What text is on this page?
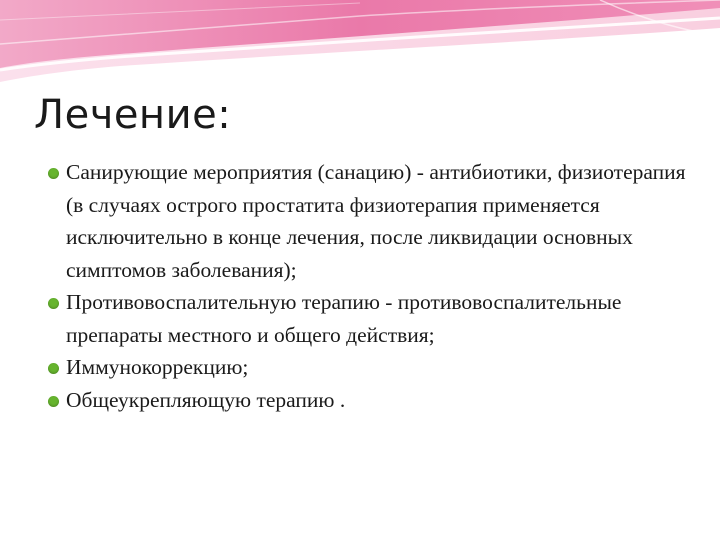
Лечение:
Санирующие мероприятия (санацию) - антибиотики, физиотерапия (в случаях острого простатита физиотерапия применяется исключительно в конце лечения, после ликвидации основных симптомов заболевания);
Противовоспалительную терапию - противовоспалительные препараты местного и общего действия;
Иммунокоррекцию;
Общеукрепляющую терапию .
